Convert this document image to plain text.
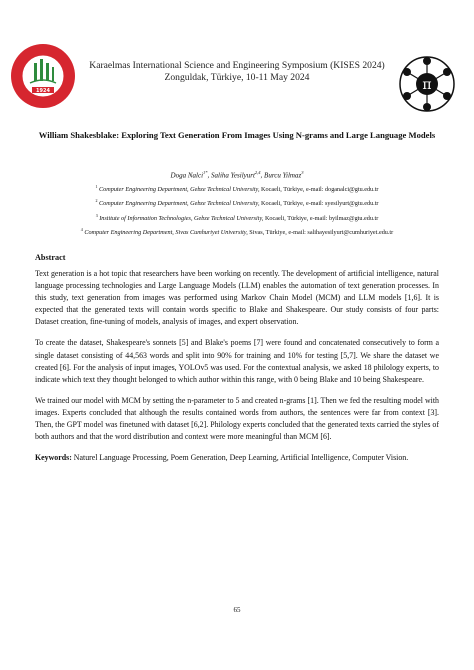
1924	π
Karaelmas International Science and Engineering Symposium (KISES 2024)
Zonguldak, Türkiye, 10-11 May 2024
William Shakesblake: Exploring Text Generation From Images Using N-grams and Large Language Models
Doga Nalci$^{1*}$, Saliha Yesilyurt$^{2,4}$, Burcu Yilmaz$^3$
$^1$ Computer Engineering Department, Gebze Technical University, Kocaeli, Türkiye, e-mail: doganalci@gtu.edu.tr
$^2$ Computer Engineering Department, Gebze Technical University, Kocaeli, Türkiye, e-mail: syesilyurt@gtu.edu.tr
$^3$ Institute of Information Technologies, Gebze Technical University, Kocaeli, Türkiye, e-mail: byilmaz@gtu.edu.tr
$^4$ Computer Engineering Department, Sivas Cumhuriyet University, Sivas, Türkiye, e-mail: salihayesilyurt@cumhuriyet.edu.tr
Abstract

Text generation is a hot topic that researchers have been working on recently. The development of artificial intelligence, natural language processing technologies and Large Language Models (LLM) enables the automation of text generation processes. In this study, text generation from images was performed using Markov Chain Model (MCM) and LLM models [1,6]. It is expected that the generated texts will contain words specific to Blake and Shakespeare. Our study consists of four parts: Dataset creation, fine-tuning of models, analysis of images, and expert observation.

To create the dataset, Shakespeare's sonnets [5] and Blake's poems [7] were found and concatenated consecutively to form a single dataset consisting of 44,563 words and split into 90% for training and 10% for testing [5,7]. We share the dataset we created [6]. For the analysis of input images, YOLOv5 was used. For the contextual analysis, we asked 18 philology experts, to indicate which text they thought belonged to which author within this range, with 0 being Blake and 10 being Shakespeare.

We trained our model with MCM by setting the n-parameter to 5 and created n-grams [1]. Then we fed the resulting model with images. Experts concluded that although the results contained words from authors, the sentences were far from context [3]. Then, the GPT model was finetuned with dataset [6,2]. Philology experts concluded that the generated texts carried the styles of both authors and that the word distribution and context were more meaningful than MCM [6].

Keywords: Naturel Language Processing, Poem Generation, Deep Learning, Artificial Intelligence, Computer Vision.

65
